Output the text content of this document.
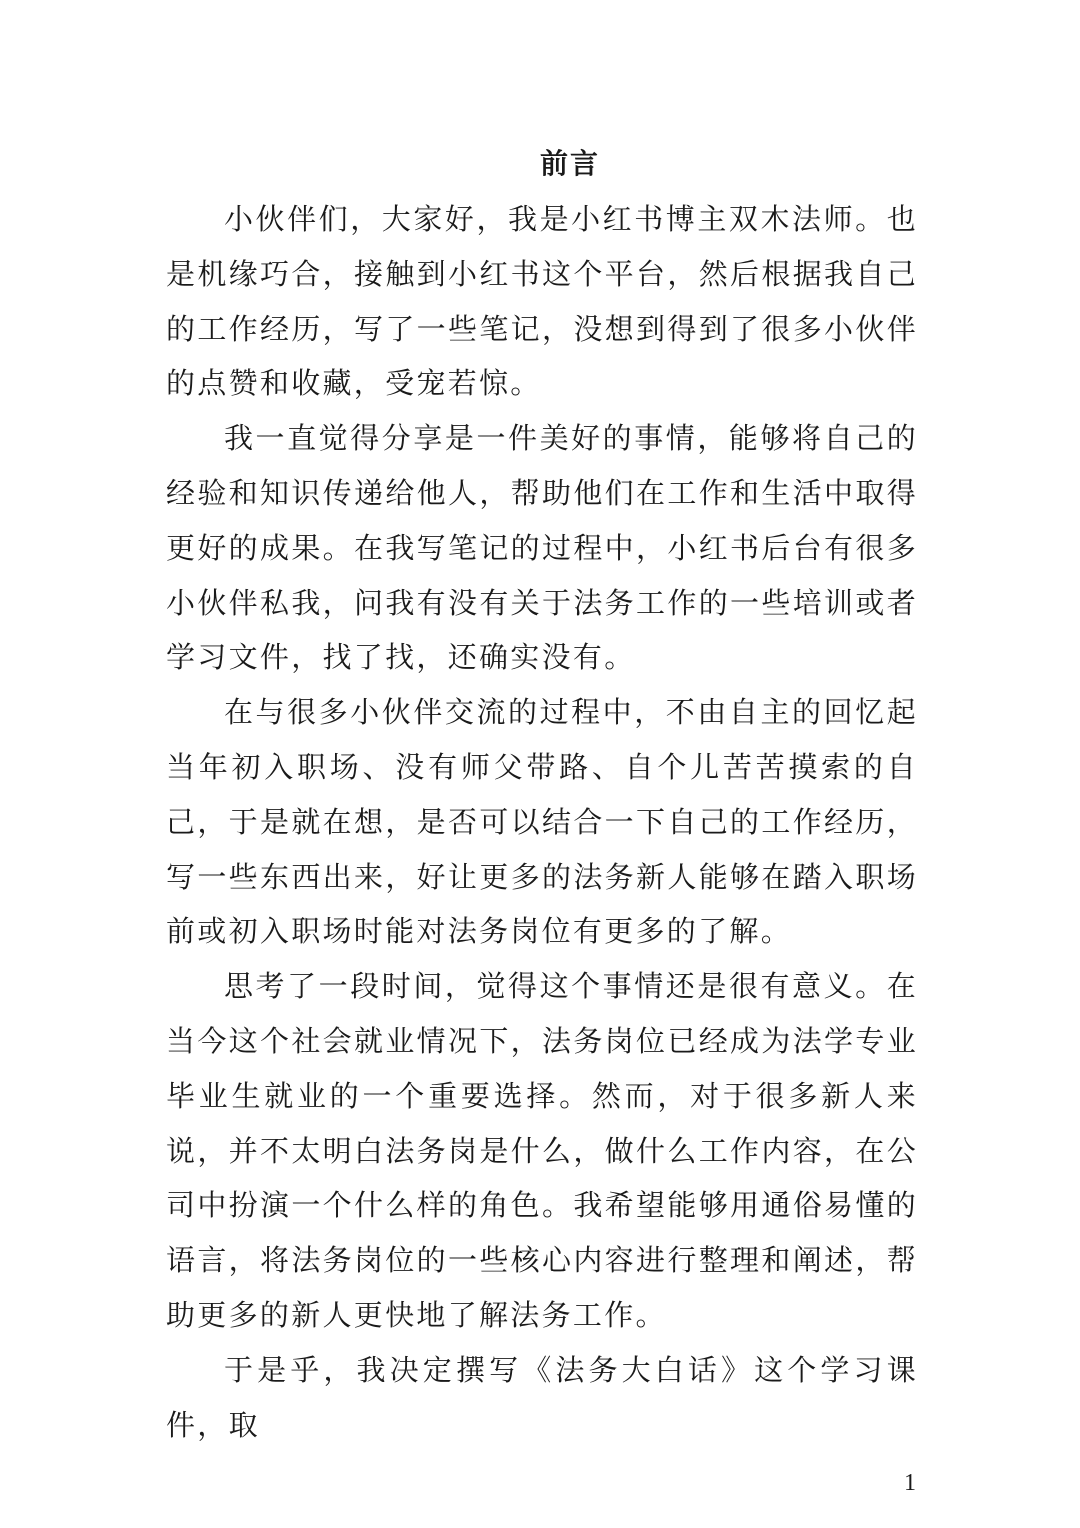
前言

小伙伴们，大家好，我是小红书博主双木法师。也是机缘巧合，接触到小红书这个平台，然后根据我自己的工作经历，写了一些笔记，没想到得到了很多小伙伴的点赞和收藏，受宠若惊。

我一直觉得分享是一件美好的事情，能够将自己的经验和知识传递给他人，帮助他们在工作和生活中取得更好的成果。在我写笔记的过程中，小红书后台有很多小伙伴私我，问我有没有关于法务工作的一些培训或者学习文件，找了找，还确实没有。

在与很多小伙伴交流的过程中，不由自主的回忆起当年初入职场、没有师父带路、自个儿苦苦摸索的自己，于是就在想，是否可以结合一下自己的工作经历，写一些东西出来，好让更多的法务新人能够在踏入职场前或初入职场时能对法务岗位有更多的了解。

思考了一段时间，觉得这个事情还是很有意义。在当今这个社会就业情况下，法务岗位已经成为法学专业毕业生就业的一个重要选择。然而，对于很多新人来说，并不太明白法务岗是什么，做什么工作内容，在公司中扮演一个什么样的角色。我希望能够用通俗易懂的语言，将法务岗位的一些核心内容进行整理和阐述，帮助更多的新人更快地了解法务工作。

于是乎，我决定撰写《法务大白话》这个学习课件，取

1
